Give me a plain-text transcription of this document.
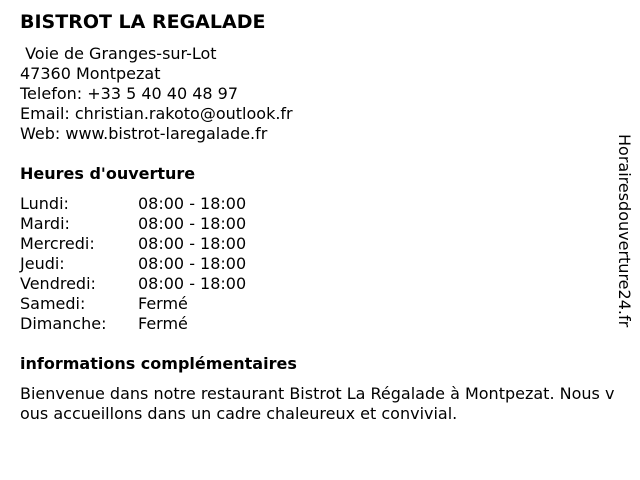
BISTROT LA REGALADE
Voie de Granges-sur-Lot
47360 Montpezat
Telefon: +33 5 40 40 48 97
Email: christian.rakoto@outlook.fr
Web: www.bistrot-laregalade.fr
Heures d'ouverture
Lundi:	08:00 - 18:00
Mardi:	08:00 - 18:00
Mercredi:	08:00 - 18:00
Jeudi:	08:00 - 18:00
Vendredi:	08:00 - 18:00
Samedi:	Fermé
Dimanche: Fermé
informations complémentaires

Bienvenue dans notre restaurant Bistrot La Régalade à Montpezat. Nous vous accueillons dans un cadre chaleureux et convivial.

Horairesdouverture24.fr
